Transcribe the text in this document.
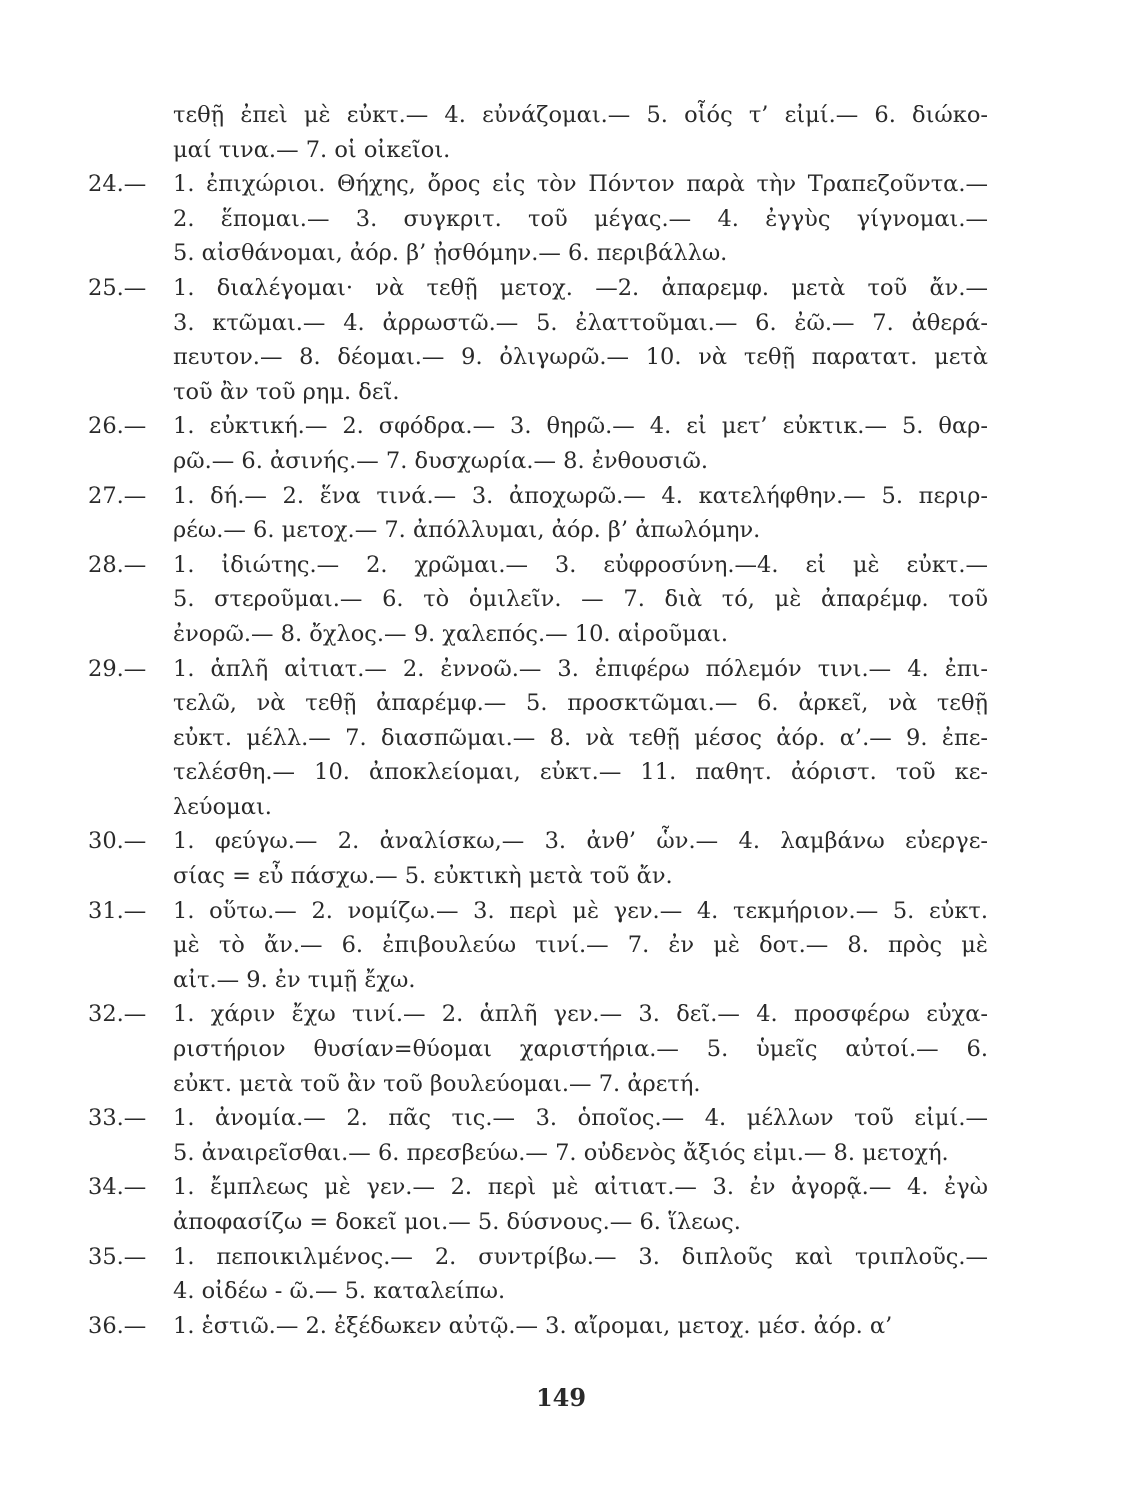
τεθῇ ἐπεὶ μὲ εὐκτ.— 4. εὐνάζομαι.— 5. οἷός τ’ εἰμί.— 6. διώκο-
μαί τινα.— 7. οἱ οἰκεῖοι.
24.—	1. ἐπιχώριοι. Θήχης, ὄρος εἰς τὸν Πόντον παρὰ τὴν Τραπεζοῦντα.—
2. ἕπομαι.— 3. συγκριτ. τοῦ μέγας.— 4. ἐγγὺς γίγνομαι.—
5. αἰσθάνομαι, ἀόρ. β’ ᾐσθόμην.— 6. περιβάλλω.
25.—	1. διαλέγομαι· νὰ τεθῇ μετοχ. —2. ἀπαρεμφ. μετὰ τοῦ ἄν.—
3. κτῶμαι.— 4. ἀρρωστῶ.— 5. ἐλαττοῦμαι.— 6. ἐῶ.— 7. ἀθερά-
πευτον.— 8. δέομαι.— 9. ὀλιγωρῶ.— 10. νὰ τεθῇ παρατατ. μετὰ
τοῦ ἂν τοῦ ρημ. δεῖ.
26.—	1. εὐκτική.— 2. σφόδρα.— 3. θηρῶ.— 4. εἰ μετ’ εὐκτικ.— 5. θαρ-
ρῶ.— 6. ἀσινής.— 7. δυσχωρία.— 8. ἐνθουσιῶ.
27.—	1. δή.— 2. ἕνα τινά.— 3. ἀποχωρῶ.— 4. κατελήφθην.— 5. περιρ-
ρέω.— 6. μετοχ.— 7. ἀπόλλυμαι, ἀόρ. β’ ἀπωλόμην.
28.—	1. ἰδιώτης.— 2. χρῶμαι.— 3. εὐφροσύνη.—4. εἰ μὲ εὐκτ.—
5. στεροῦμαι.— 6. τὸ ὁμιλεῖν. — 7. διὰ τό, μὲ ἀπαρέμφ. τοῦ
ἐνορῶ.— 8. ὄχλος.— 9. χαλεπός.— 10. αἱροῦμαι.
29.—	1. ἁπλῆ αἰτιατ.— 2. ἐννοῶ.— 3. ἐπιφέρω πόλεμόν τινι.— 4. ἐπι-
τελῶ, νὰ τεθῇ ἀπαρέμφ.— 5. προσκτῶμαι.— 6. ἀρκεῖ, νὰ τεθῇ
εὐκτ. μέλλ.— 7. διασπῶμαι.— 8. νὰ τεθῇ μέσος ἀόρ. α’.— 9. ἐπε-
τελέσθη.— 10. ἀποκλείομαι, εὐκτ.— 11. παθητ. ἀόριστ. τοῦ κε-
λεύομαι.
30.—	1. φεύγω.— 2. ἀναλίσκω,— 3. ἀνθ’ ὧν.— 4. λαμβάνω εὐεργε-
σίας = εὖ πάσχω.— 5. εὐκτικὴ μετὰ τοῦ ἄν.
31.—	1. οὕτω.— 2. νομίζω.— 3. περὶ μὲ γεν.— 4. τεκμήριον.— 5. εὐκτ.
μὲ τὸ ἄν.— 6. ἐπιβουλεύω τινί.— 7. ἐν μὲ δοτ.— 8. πρὸς μὲ
αἰτ.— 9. ἐν τιμῇ ἔχω.
32.—	1. χάριν ἔχω τινί.— 2. ἁπλῆ γεν.— 3. δεῖ.— 4. προσφέρω εὐχα-
ριστήριον θυσίαν=θύομαι χαριστήρια.— 5. ὑμεῖς αὐτοί.— 6.
εὐκτ. μετὰ τοῦ ἂν τοῦ βουλεύομαι.— 7. ἀρετή.
33.—	1. ἀνομία.— 2. πᾶς τις.— 3. ὁποῖος.— 4. μέλλων τοῦ εἰμί.—
5. ἀναιρεῖσθαι.— 6. πρεσβεύω.— 7. οὐδενὸς ἄξιός εἰμι.— 8. μετοχή.
34.—	1. ἔμπλεως μὲ γεν.— 2. περὶ μὲ αἰτιατ.— 3. ἐν ἀγορᾷ.— 4. ἐγὼ
ἀποφασίζω = δοκεῖ μοι.— 5. δύσνους.— 6. ἵλεως.
35.—	1. πεποικιλμένος.— 2. συντρίβω.— 3. διπλοῦς καὶ τριπλοῦς.—
4. οἰδέω - ῶ.— 5. καταλείπω.
36.—	1. ἑστιῶ.— 2. ἐξέδωκεν αὐτῷ.— 3. αἴρομαι, μετοχ. μέσ. ἀόρ. α’
149
